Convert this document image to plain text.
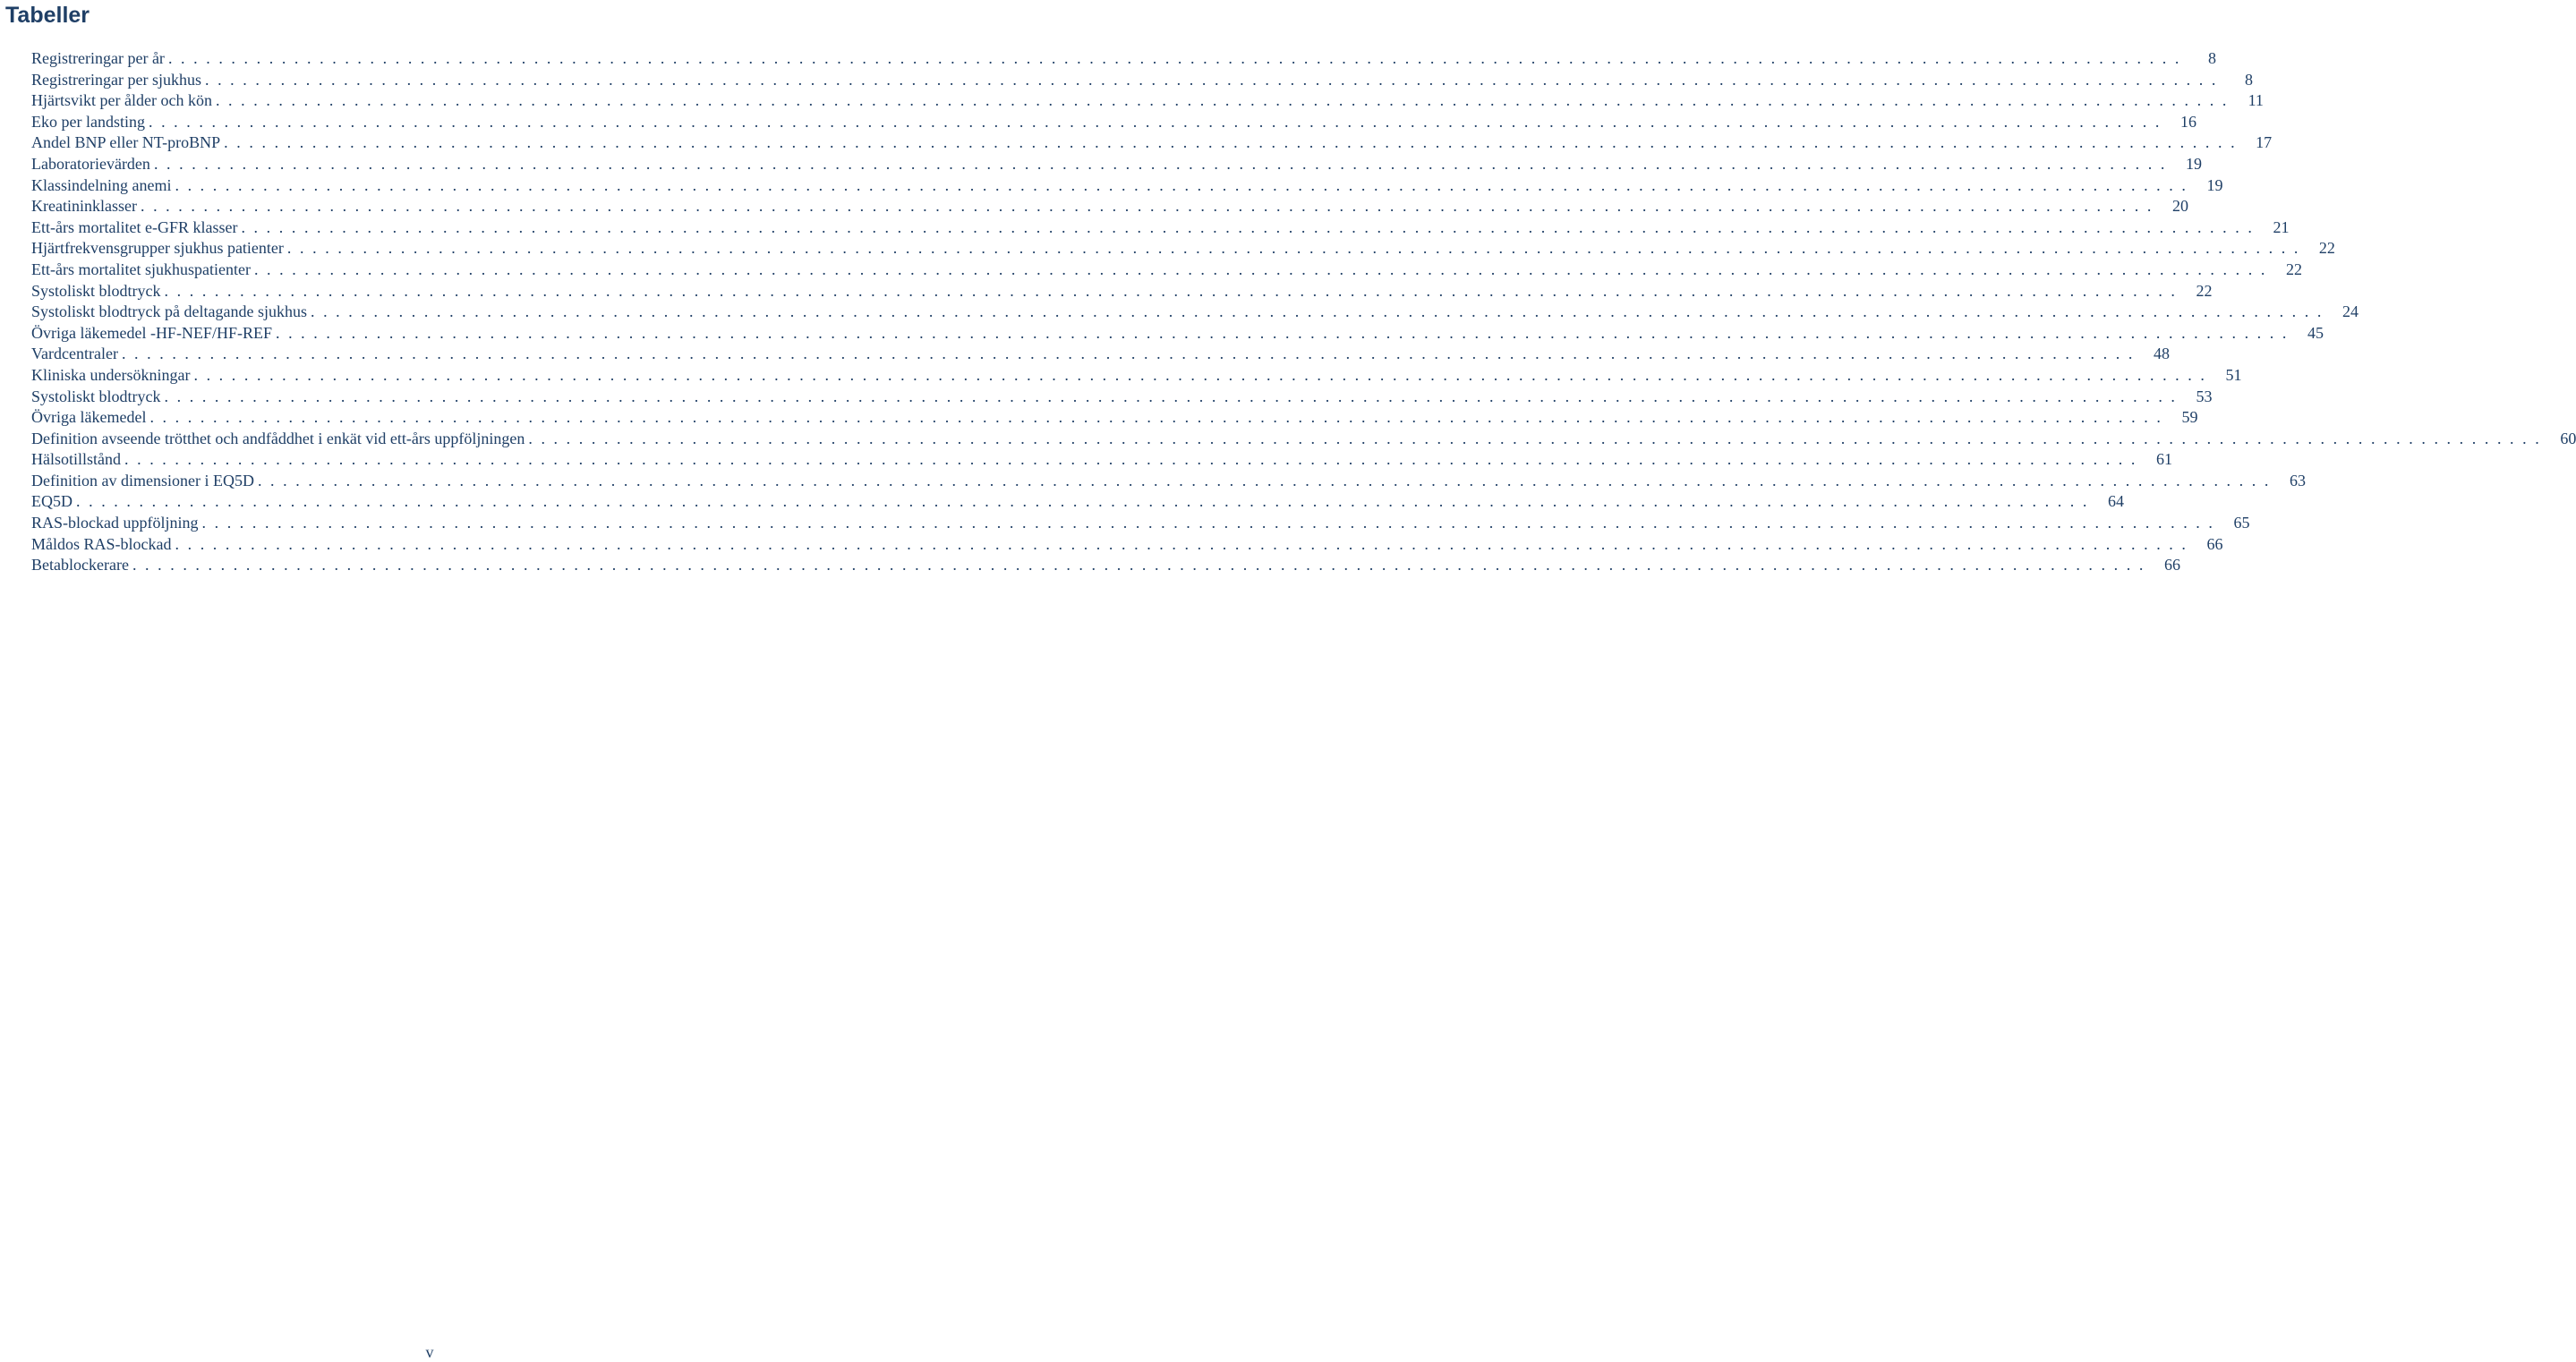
Tabeller
Registreringar per år ................................................................................................................................................................	8
Registreringar per sjukhus ................................................................................................................................................................	8
Hjärtsvikt per ålder och kön ................................................................................................................................................................ 11
Eko per landsting ................................................................................................................................................................ 16
Andel BNP eller NT-proBNP ................................................................................................................................................................ 17
Laboratorievärden ................................................................................................................................................................ 19
Klassindelning anemi ................................................................................................................................................................ 19
Kreatininklasser ................................................................................................................................................................ 20
Ett-års mortalitet e-GFR klasser ................................................................................................................................................................ 21
Hjärtfrekvensgrupper sjukhus patienter ................................................................................................................................................................ 22
Ett-års mortalitet sjukhuspatienter ................................................................................................................................................................ 22
Systoliskt blodtryck ................................................................................................................................................................ 22
Systoliskt blodtryck på deltagande sjukhus ................................................................................................................................................................ 24
Övriga läkemedel -HF-NEF/HF-REF ................................................................................................................................................................ 45
Vardcentraler ................................................................................................................................................................ 48
Kliniska undersökningar ................................................................................................................................................................ 51
Systoliskt blodtryck ................................................................................................................................................................ 53
Övriga läkemedel ................................................................................................................................................................ 59
Definition avseende trötthet och andfåddhet i enkät vid ett-års uppföljningen ................................................................................................................................................................ 60
Hälsotillstånd ................................................................................................................................................................ 61
Definition av dimensioner i EQ5D ................................................................................................................................................................ 63
EQ5D ................................................................................................................................................................ 64
RAS-blockad uppföljning ................................................................................................................................................................ 65
Måldos RAS-blockad ................................................................................................................................................................ 66
Betablockerare ................................................................................................................................................................ 66
v
